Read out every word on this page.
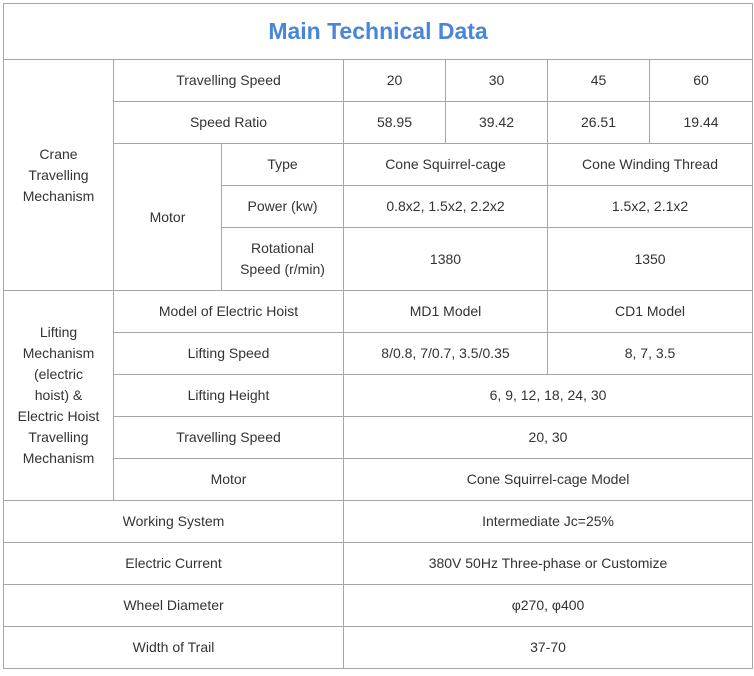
Main Technical Data						
Crane Travelling Mechanism	Travelling Speed		20	30	45	60
	Speed Ratio		58.95	39.42	26.51	19.44
	Motor	Type	Cone Squirrel-cage		Cone Winding Thread	
		Power (kw)	0.8x2, 1.5x2, 2.2x2		1.5x2, 2.1x2	
		Rotational Speed (r/min)	1380		1350	
Lifting Mechanism (electric hoist) & Electric Hoist Travelling Mechanism	Model of Electric Hoist		MD1 Model		CD1 Model	
	Lifting Speed		8/0.8, 7/0.7, 3.5/0.35		8, 7, 3.5	
	Lifting Height		6, 9, 12, 18, 24, 30			
	Travelling Speed		20, 30			
	Motor		Cone Squirrel-cage Model			
Working System			Intermediate Jc=25%			
Electric Current			380V 50Hz Three-phase or Customize			
Wheel Diameter			φ270, φ400			
Width of Trail			37-70			
